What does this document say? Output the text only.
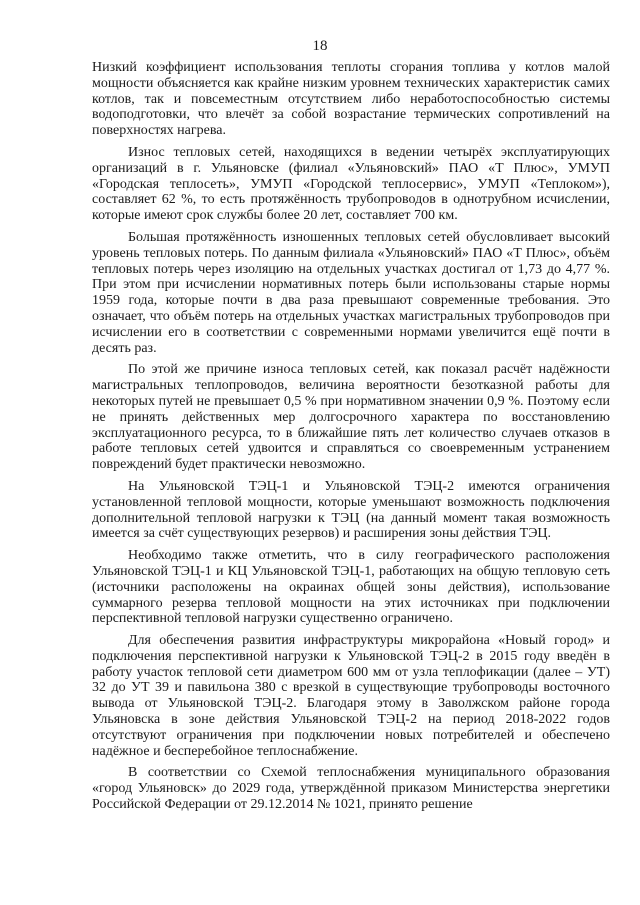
18

Низкий коэффициент использования теплоты сгорания топлива у котлов малой мощности объясняется как крайне низким уровнем технических характеристик самих котлов, так и повсеместным отсутствием либо неработоспособностью системы водоподготовки, что влечёт за собой возрастание термических сопротивлений на поверхностях нагрева.

Износ тепловых сетей, находящихся в ведении четырёх эксплуатирующих организаций в г. Ульяновске (филиал «Ульяновский» ПАО «Т Плюс», УМУП «Городская теплосеть», УМУП «Городской теплосервис», УМУП «Теплоком»), составляет 62 %, то есть протяжённость трубопроводов в однотрубном исчислении, которые имеют срок службы более 20 лет, составляет 700 км.

Большая протяжённость изношенных тепловых сетей обусловливает высокий уровень тепловых потерь. По данным филиала «Ульяновский» ПАО «Т Плюс», объём тепловых потерь через изоляцию на отдельных участках достигал от 1,73 до 4,77 %. При этом при исчислении нормативных потерь были использованы старые нормы 1959 года, которые почти в два раза превышают современные требования. Это означает, что объём потерь на отдельных участках магистральных трубопроводов при исчислении его в соответствии с современными нормами увеличится ещё почти в десять раз.

По этой же причине износа тепловых сетей, как показал расчёт надёжности магистральных теплопроводов, величина вероятности безотказной работы для некоторых путей не превышает 0,5 % при нормативном значении 0,9 %. Поэтому если не принять действенных мер долгосрочного характера по восстановлению эксплуатационного ресурса, то в ближайшие пять лет количество случаев отказов в работе тепловых сетей удвоится и справляться со своевременным устранением повреждений будет практически невозможно.

На Ульяновской ТЭЦ-1 и Ульяновской ТЭЦ-2 имеются ограничения установленной тепловой мощности, которые уменьшают возможность подключения дополнительной тепловой нагрузки к ТЭЦ (на данный момент такая возможность имеется за счёт существующих резервов) и расширения зоны действия ТЭЦ.

Необходимо также отметить, что в силу географического расположения Ульяновской ТЭЦ-1 и КЦ Ульяновской ТЭЦ-1, работающих на общую тепловую сеть (источники расположены на окраинах общей зоны действия), использование суммарного резерва тепловой мощности на этих источниках при подключении перспективной тепловой нагрузки существенно ограничено.

Для обеспечения развития инфраструктуры микрорайона «Новый город» и подключения перспективной нагрузки к Ульяновской ТЭЦ-2 в 2015 году введён в работу участок тепловой сети диаметром 600 мм от узла теплофикации (далее – УТ) 32 до УТ 39 и павильона 380 с врезкой в существующие трубопроводы восточного вывода от Ульяновской ТЭЦ-2. Благодаря этому в Заволжском районе города Ульяновска в зоне действия Ульяновской ТЭЦ-2 на период 2018-2022 годов отсутствуют ограничения при подключении новых потребителей и обеспечено надёжное и бесперебойное теплоснабжение.

В соответствии со Схемой теплоснабжения муниципального образования «город Ульяновск» до 2029 года, утверждённой приказом Министерства энергетики Российской Федерации от 29.12.2014 № 1021, принято решение
